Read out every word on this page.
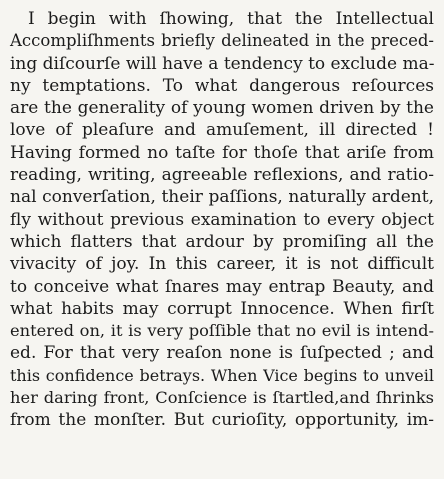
I begin with ſhowing, that the Intellectual
Accompliſhments briefly delineated in the preced-
ing diſcourſe will have a tendency to exclude ma-
ny temptations. To what dangerous reſources
are the generality of young women driven by the
love of pleaſure and amuſement, ill directed !
Having formed no taſte for thoſe that ariſe from
reading, writing, agreeable reflexions, and ratio-
nal converſation, their paſſions, naturally ardent,
fly without previous examination to every object
which flatters that ardour by promiſing all the
vivacity of joy. In this career, it is not difficult
to conceive what ſnares may entrap Beauty, and
what habits may corrupt Innocence. When firſt
entered on, it is very poſſible that no evil is intend-
ed. For that very reaſon none is ſuſpected ; and
this confidence betrays. When Vice begins to unveil
her daring front, Conſcience is ſtartled,and ſhrinks
from the monſter. But curioſity, opportunity, im-
